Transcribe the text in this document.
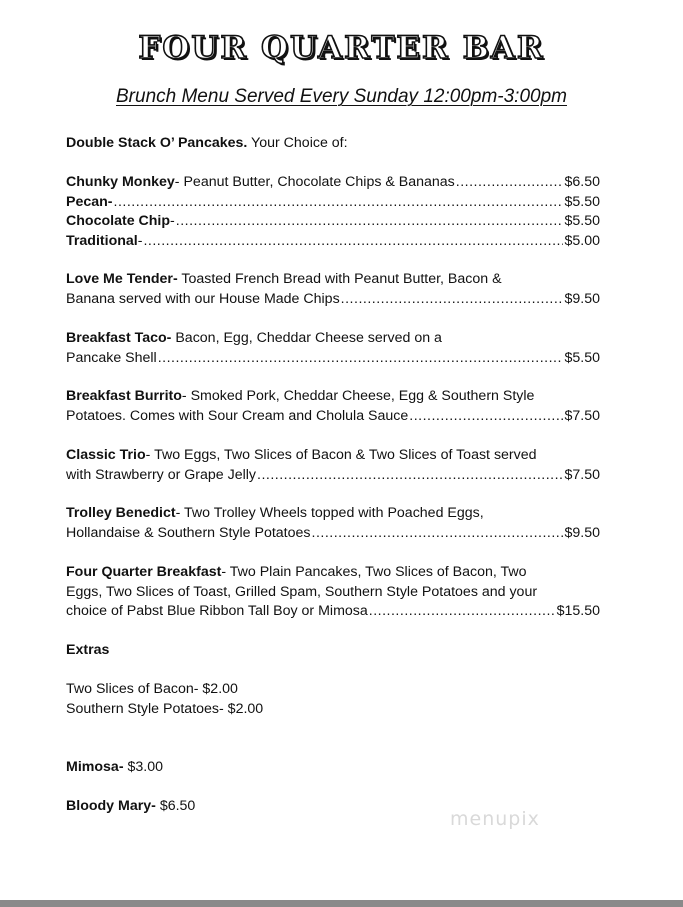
FOUR QUARTER BAR
Brunch Menu Served Every Sunday 12:00pm-3:00pm
Double Stack O’ Pancakes. Your Choice of:
Chunky Monkey - Peanut Butter, Chocolate Chips & Bananas .....	$6.50
Pecan- .....	$5.50
Chocolate Chip - .....	$5.50
Traditional - .....	$5.00
Love Me Tender- Toasted French Bread with Peanut Butter, Bacon &
Banana served with our House Made Chips .....	$9.50
Breakfast Taco- Bacon, Egg, Cheddar Cheese served on a
Pancake Shell .....	$5.50
Breakfast Burrito- Smoked Pork, Cheddar Cheese, Egg & Southern Style
Potatoes. Comes with Sour Cream and Cholula Sauce .....	$7.50
Classic Trio- Two Eggs, Two Slices of Bacon & Two Slices of Toast served
with Strawberry or Grape Jelly .....	$7.50
Trolley Benedict- Two Trolley Wheels topped with Poached Eggs,
Hollandaise & Southern Style Potatoes .....	$9.50
Four Quarter Breakfast- Two Plain Pancakes, Two Slices of Bacon, Two
Eggs, Two Slices of Toast, Grilled Spam, Southern Style Potatoes and your
choice of Pabst Blue Ribbon Tall Boy or Mimosa .....	$15.50
Extras
Two Slices of Bacon- $2.00
Southern Style Potatoes- $2.00
Mimosa- $3.00
Bloody Mary- $6.50
menupix
